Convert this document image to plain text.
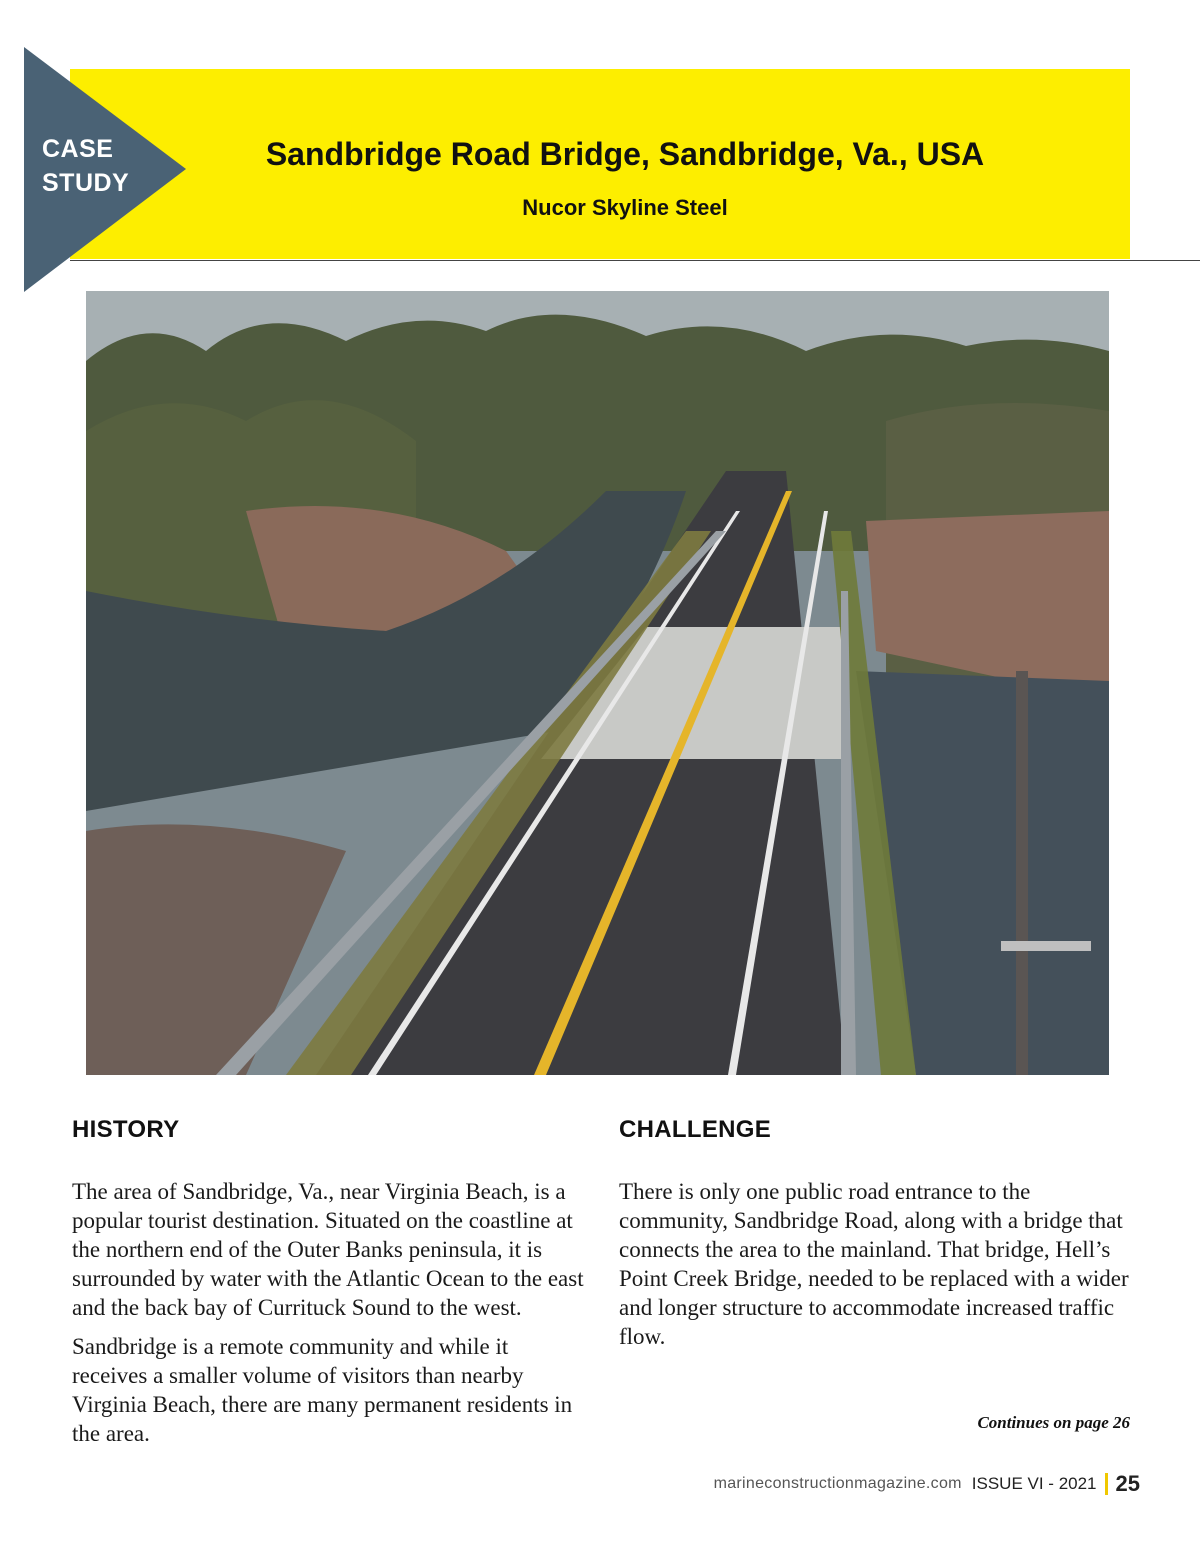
CASE
STUDY
Sandbridge Road Bridge, Sandbridge, Va., USA
Nucor Skyline Steel
HISTORY

The area of Sandbridge, Va., near Virginia Beach, is a popular tourist destination. Situated on the coastline at the northern end of the Outer Banks peninsula, it is surrounded by water with the Atlantic Ocean to the east and the back bay of Currituck Sound to the west.

Sandbridge is a remote community and while it receives a smaller volume of visitors than nearby Virginia Beach, there are many permanent residents in the area.

CHALLENGE

There is only one public road entrance to the community, Sandbridge Road, along with a bridge that connects the area to the mainland. That bridge, Hell’s Point Creek Bridge, needed to be replaced with a wider and longer structure to accommodate increased traffic flow.

Continues on page 26
marineconstructionmagazine.com ISSUE VI - 2021 25
